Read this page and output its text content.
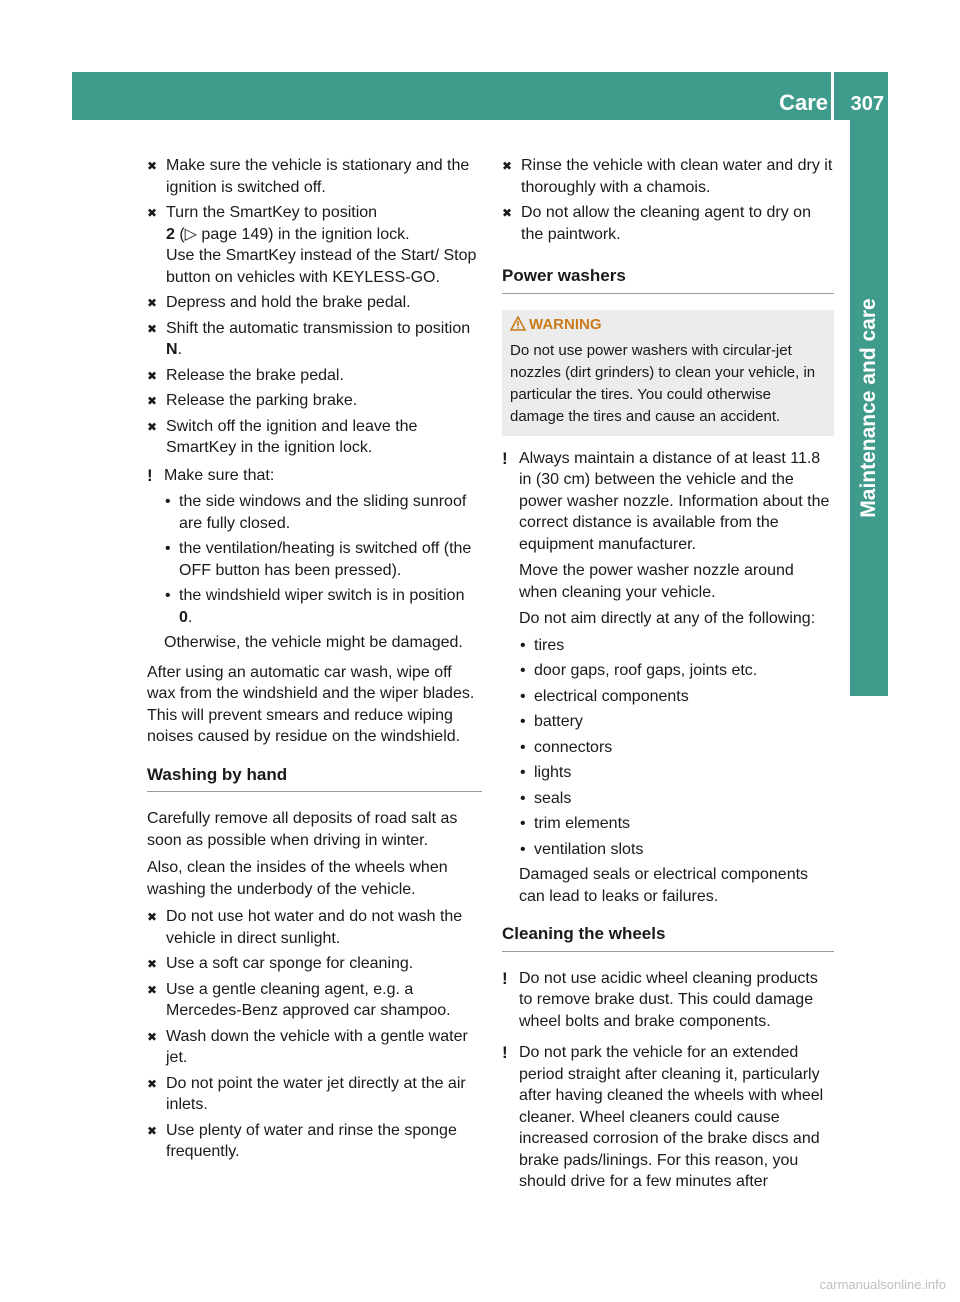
Care 307
Maintenance and care

✖ Make sure the vehicle is stationary and the ignition is switched off.

✖ Turn the SmartKey to position

2 (▷ page 149) in the ignition lock.

Use the SmartKey instead of the Start/ Stop button on vehicles with KEYLESS-GO.

✖ Depress and hold the brake pedal.

✖ Shift the automatic transmission to position N.

✖ Release the brake pedal.

✖ Release the parking brake.

✖ Switch off the ignition and leave the SmartKey in the ignition lock.

! Make sure that:

• the side windows and the sliding sunroof are fully closed.

• the ventilation/heating is switched off (the OFF button has been pressed).

• the windshield wiper switch is in position 0.

Otherwise, the vehicle might be damaged.

After using an automatic car wash, wipe off wax from the windshield and the wiper blades. This will prevent smears and reduce wiping noises caused by residue on the windshield.

Washing by hand

Carefully remove all deposits of road salt as soon as possible when driving in winter.

Also, clean the insides of the wheels when washing the underbody of the vehicle.

✖ Do not use hot water and do not wash the vehicle in direct sunlight.

✖ Use a soft car sponge for cleaning.

✖ Use a gentle cleaning agent, e.g. a Mercedes-Benz approved car shampoo.

✖ Wash down the vehicle with a gentle water jet.

✖ Do not point the water jet directly at the air inlets.

✖ Use plenty of water and rinse the sponge frequently.

✖ Rinse the vehicle with clean water and dry it thoroughly with a chamois.

✖ Do not allow the cleaning agent to dry on the paintwork.

Power washers

WARNING

Do not use power washers with circular-jet nozzles (dirt grinders) to clean your vehicle, in particular the tires. You could otherwise damage the tires and cause an accident.

! Always maintain a distance of at least 11.8 in (30 cm) between the vehicle and the power washer nozzle. Information about the correct distance is available from the equipment manufacturer.

Move the power washer nozzle around when cleaning your vehicle.

Do not aim directly at any of the following:

• tires

• door gaps, roof gaps, joints etc.

• electrical components

• battery

• connectors

• lights

• seals

• trim elements

• ventilation slots

Damaged seals or electrical components can lead to leaks or failures.

Cleaning the wheels
! Do not use acidic wheel cleaning products to remove brake dust. This could damage wheel bolts and brake components.

! Do not park the vehicle for an extended period straight after cleaning it, particularly after having cleaned the wheels with wheel cleaner. Wheel cleaners could cause increased corrosion of the brake discs and brake pads/linings. For this reason, you should drive for a few minutes after

carmanualsonline.info
